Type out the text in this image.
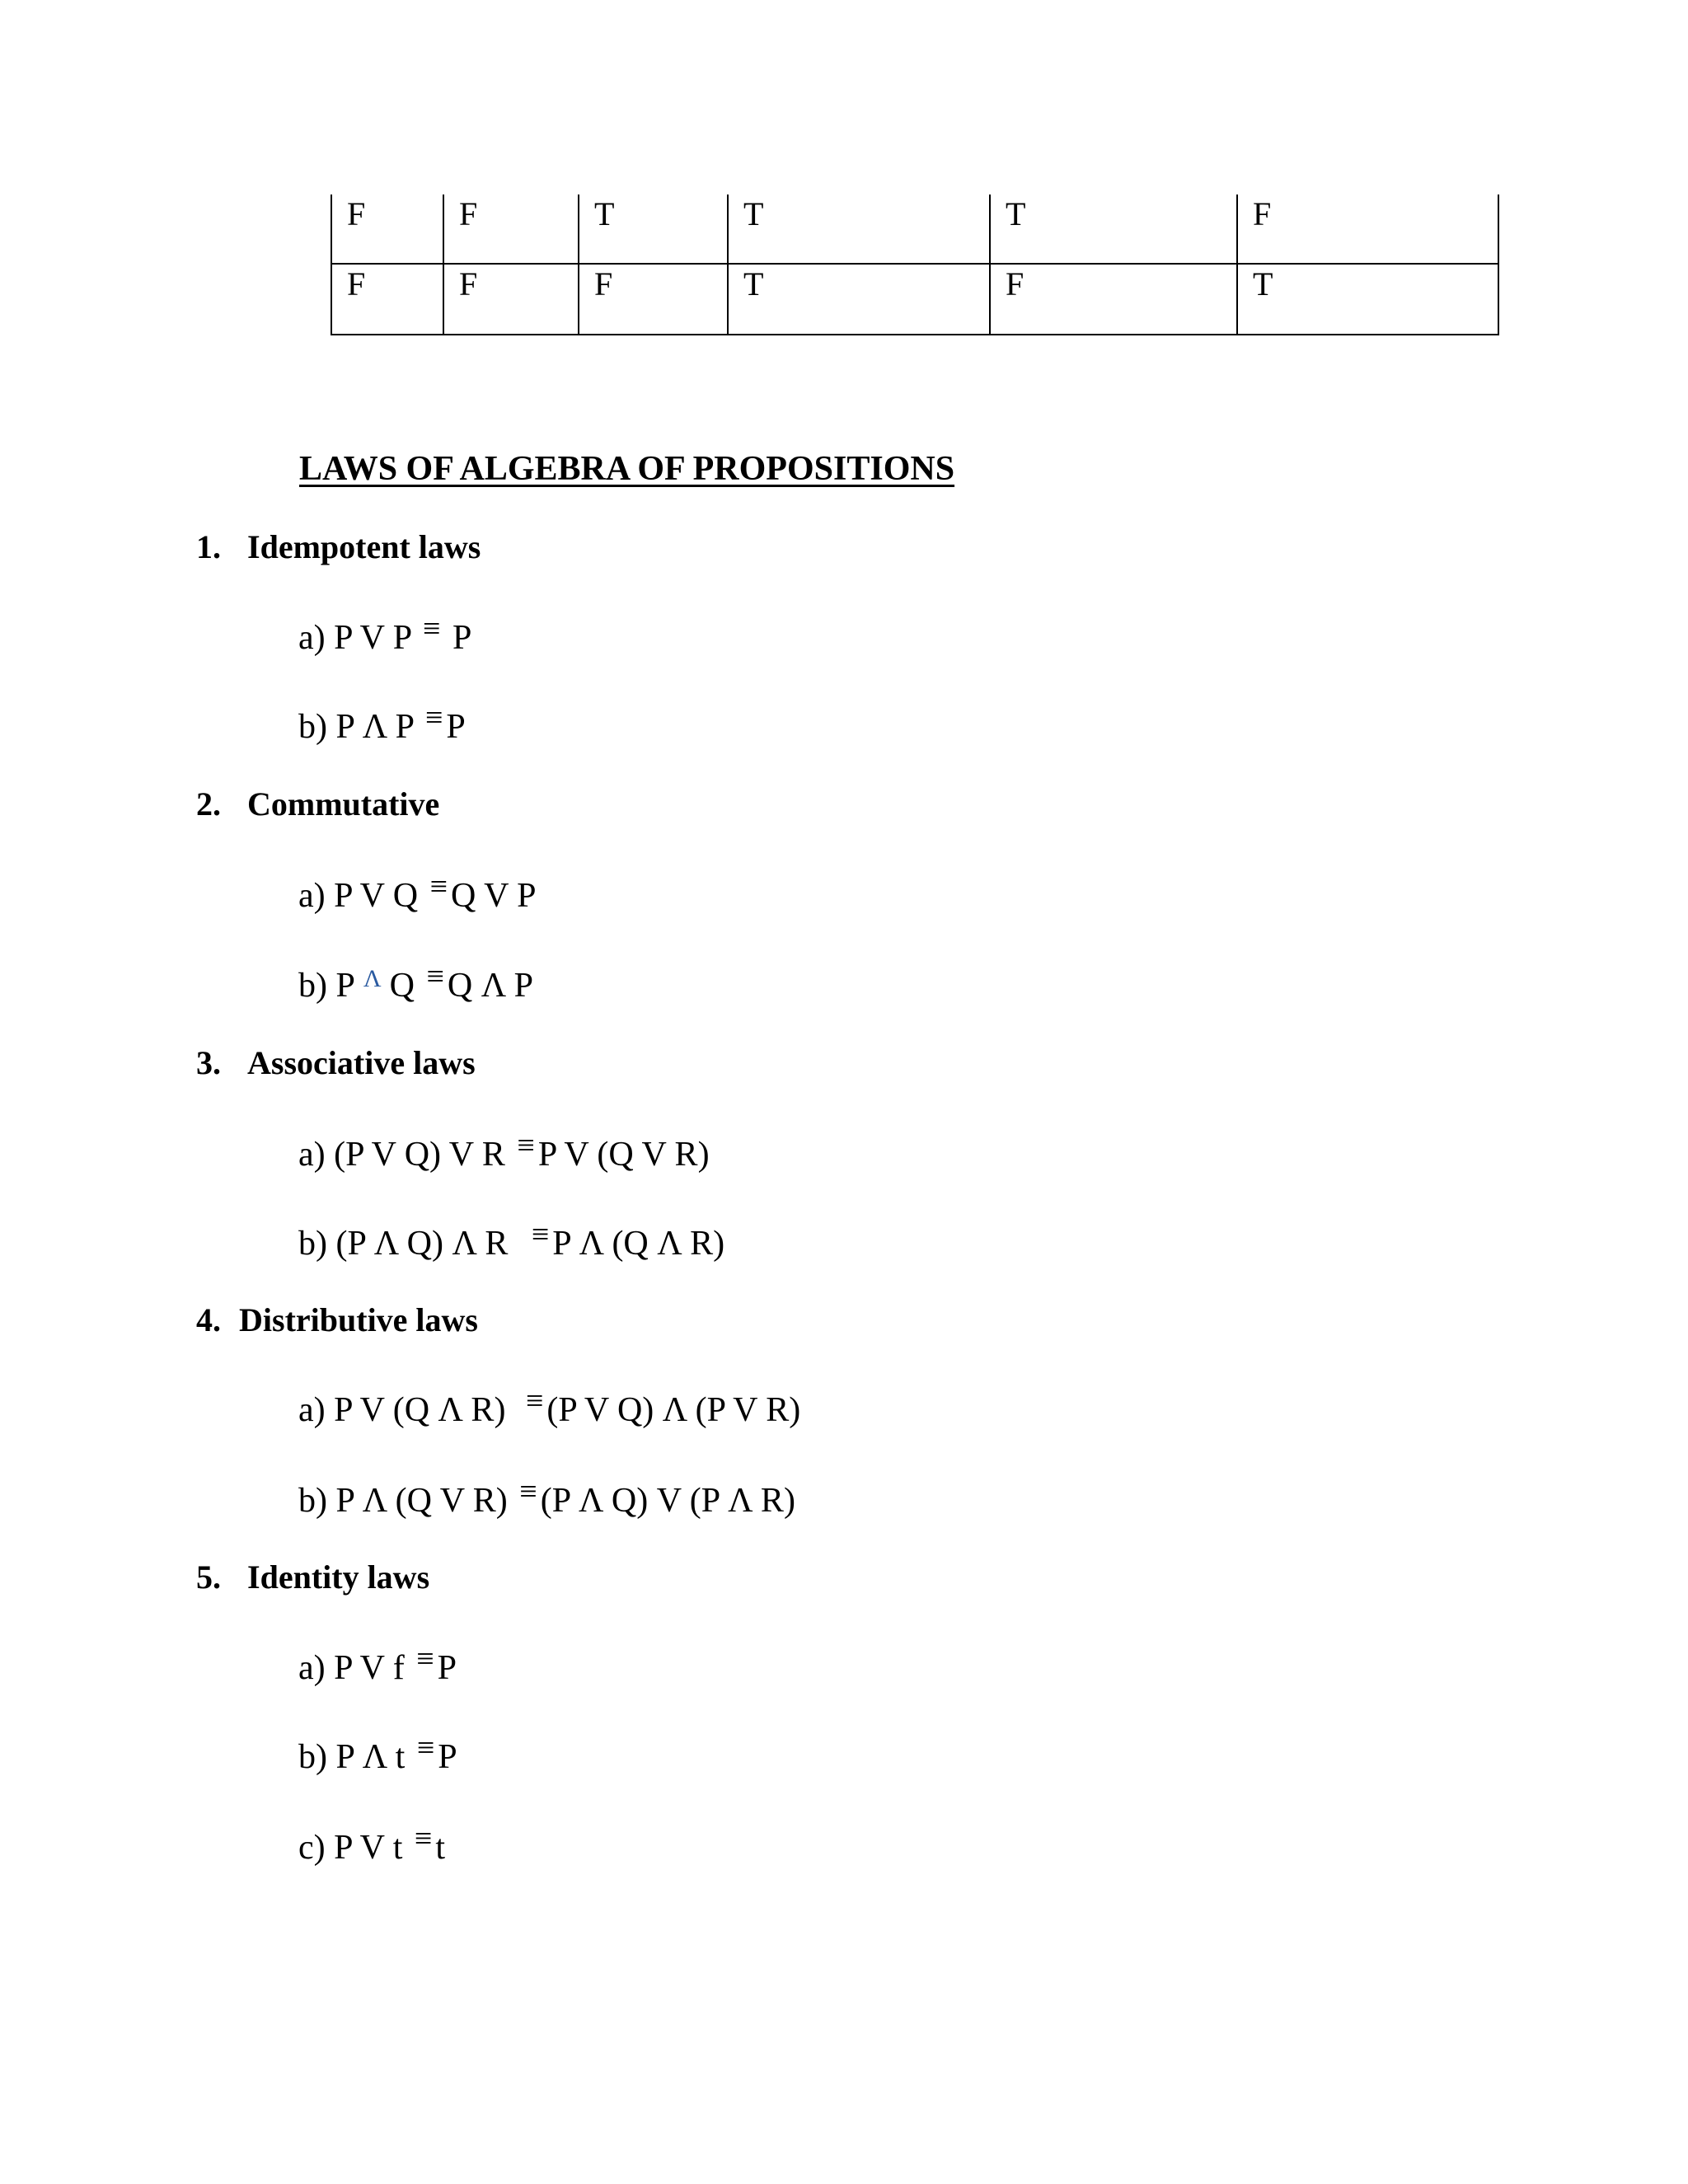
F	F	T	T	T	F
F	F	F	T	F	T
LAWS OF ALGEBRA OF PROPOSITIONS
1. Idempotent laws

a) P V P ≡ P

b) P Λ P ≡P

2. Commutative

a) P V Q ≡Q V P

b) P Λ Q ≡Q Λ P

3. Associative laws

a) (P V Q) V R ≡P V (Q V R)

b) (P Λ Q) Λ R ≡P Λ (Q Λ R)

4. Distributive laws

a) P V (Q Λ R) ≡(P V Q) Λ (P V R)

b) P Λ (Q V R) ≡(P Λ Q) V (P Λ R)

5. Identity laws

a) P V f ≡P

b) P Λ t ≡P

c) P V t ≡t
